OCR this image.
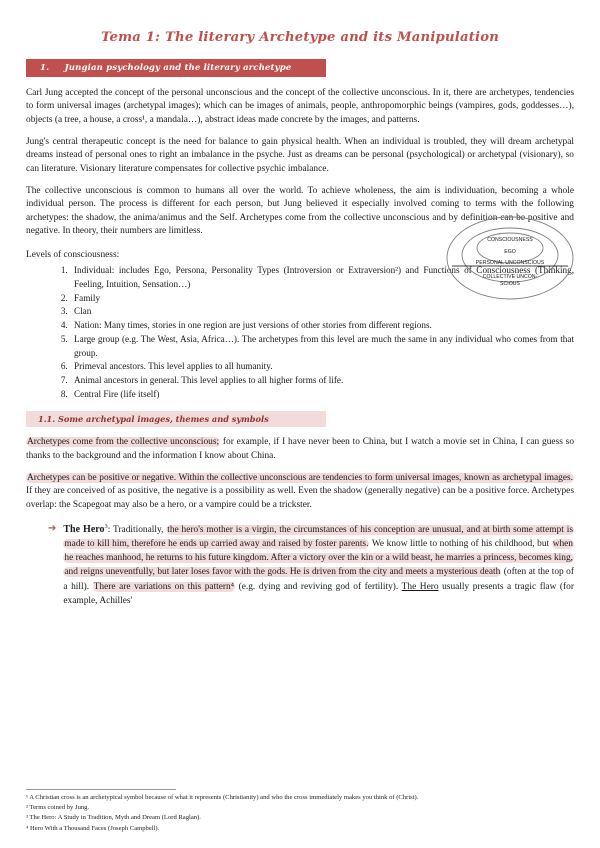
Tema 1: The literary Archetype and its Manipulation
1. Jungian psychology and the literary archetype

Carl Jung accepted the concept of the personal unconscious and the concept of the collective unconscious. In it, there are archetypes, tendencies to form universal images (archetypal images); which can be images of animals, people, anthropomorphic beings (vampires, gods, goddesses…), objects (a tree, a house, a cross¹, a mandala…), abstract ideas made concrete by the images, and patterns.

Jung's central therapeutic concept is the need for balance to gain physical health. When an individual is troubled, they will dream archetypal dreams instead of personal ones to right an imbalance in the psyche. Just as dreams can be personal (psychological) or archetypal (visionary), so can literature. Visionary literature compensates for collective psychic imbalance.

The collective unconscious is common to humans all over the world. To achieve wholeness, the aim is individuation, becoming a whole individual person. The process is different for each person, but Jung believed it especially involved coming to terms with the following archetypes: the shadow, the anima/animus and the Self. Archetypes come from the collective unconscious and by definition can be positive and negative. In theory, their numbers are limitless.

Levels of consciousness:
1. Individual: includes Ego, Persona, Personality Types (Introversion or Extraversion²) and Functions of Consciousness (Thinking, Feeling, Intuition, Sensation…)
2. Family
3. Clan
4. Nation: Many times, stories in one region are just versions of other stories from different regions.
5. Large group (e.g. The West, Asia, Africa…). The archetypes from this level are much the same in any individual who comes from that group.
6. Primeval ancestors. This level applies to all humanity.
7. Animal ancestors in general. This level applies to all higher forms of life.
8. Central Fire (life itself)
1.1. Some archetypal images, themes and symbols

Archetypes come from the collective unconscious; for example, if I have never been to China, but I watch a movie set in China, I can guess so thanks to the background and the information I know about China.

Archetypes can be positive or negative. Within the collective unconscious are tendencies to form universal images, known as archetypal images. If they are conceived of as positive, the negative is a possibility as well. Even the shadow (generally negative) can be a positive force. Archetypes overlap: the Scapegoat may also be a hero, or a vampire could be a trickster.

➔ The Hero$^3$: Traditionally, the hero's mother is a virgin, the circumstances of his conception are unusual, and at birth some attempt is made to kill him, therefore he ends up carried away and raised by foster parents. We know little to nothing of his childhood, but when he reaches manhood, he returns to his future kingdom. After a victory over the kin or a wild beast, he marries a princess, becomes king, and reigns uneventfully, but later loses favor with the gods. He is driven from the city and meets a mysterious death (often at the top of a hill). There are variations on this pattern⁴ (e.g. dying and reviving god of fertility). The Hero usually presents a tragic flaw (for example, Achilles'
CONSCIOUSNESS
EGO
PERSONAL UNCONSCIOUS
COLLECTIVE UNCON-
SCIOUS

¹ A Christian cross is an archetypical symbol because of what it represents (Christianity) and who the cross immediately makes you think of (Christ).

² Terms coined by Jung.

³ The Hero: A Study in Tradition, Myth and Dream (Lord Raglan).

⁴ Hero With a Thousand Faces (Joseph Campbell).
